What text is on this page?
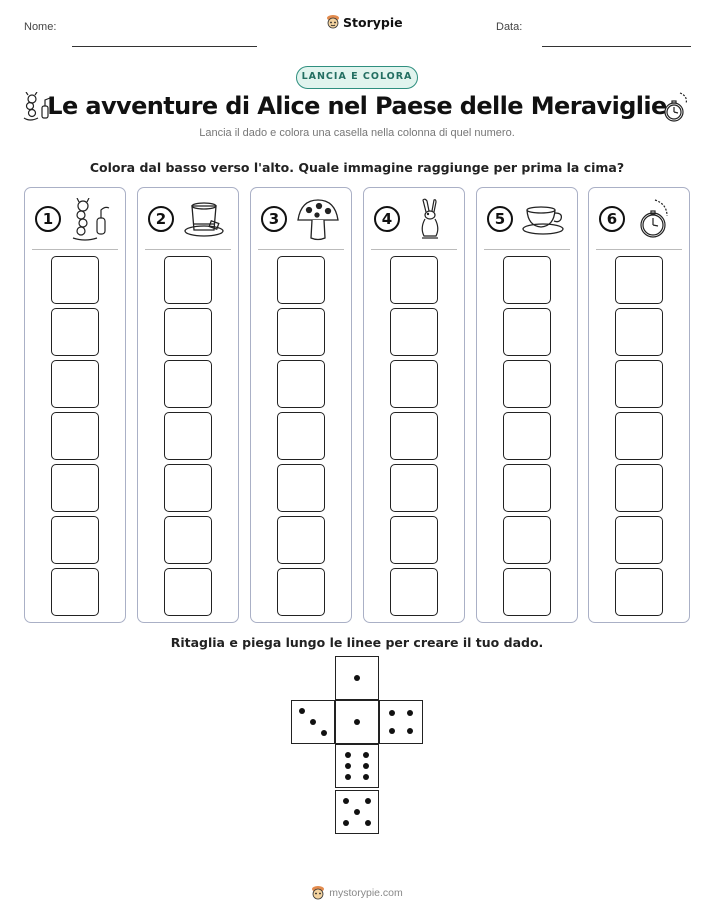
Nome:	Storypie	Data:
LANCIA E COLORA
Le avventure di Alice nel Paese delle Meraviglie
Lancia il dado e colora una casella nella colonna di quel numero.
Colora dal basso verso l'alto. Quale immagine raggiunge per prima la cima?
1	2	3	4	5	6
Ritaglia e piega lungo le linee per creare il tuo dado.
mystorypie.com
